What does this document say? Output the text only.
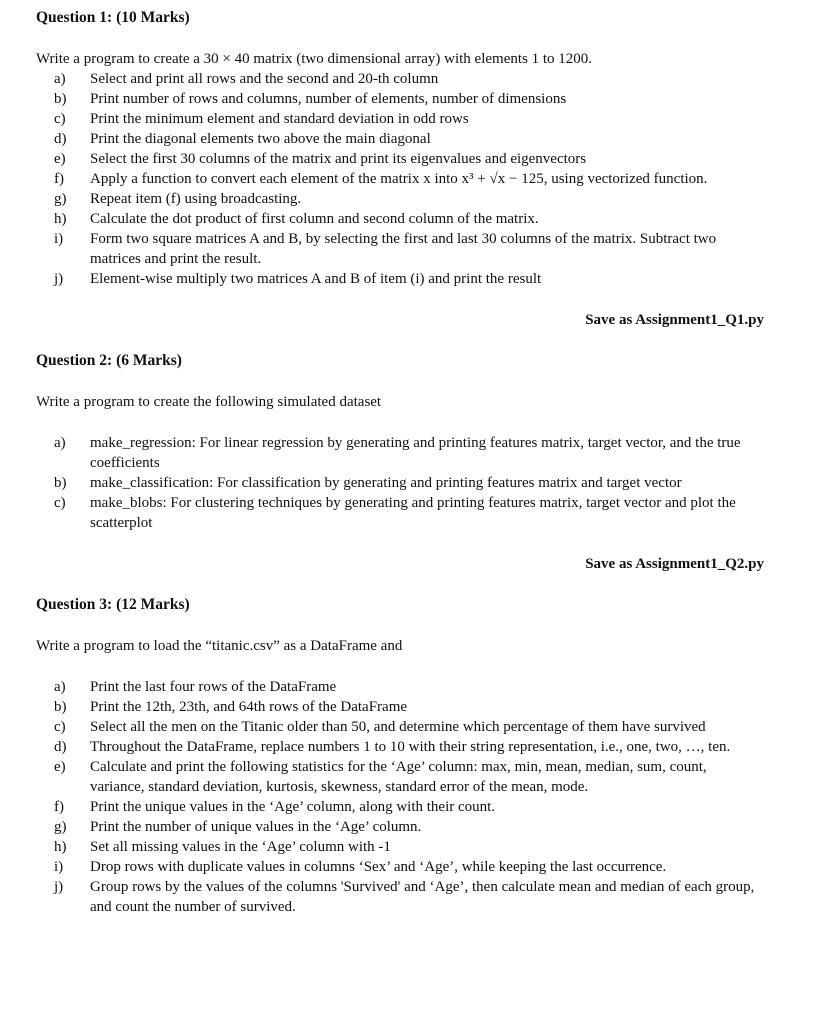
Question 1: (10 Marks)

Write a program to create a 30 × 40 matrix (two dimensional array) with elements 1 to 1200.

a)	Select and print all rows and the second and 20-th column
b)	Print number of rows and columns, number of elements, number of dimensions
c)	Print the minimum element and standard deviation in odd rows
d)	Print the diagonal elements two above the main diagonal
e)	Select the first 30 columns of the matrix and print its eigenvalues and eigenvectors
f)	Apply a function to convert each element of the matrix x into x³ + √x − 125, using vectorized function.
g)	Repeat item (f) using broadcasting.
h)	Calculate the dot product of first column and second column of the matrix.
i)	Form two square matrices A and B, by selecting the first and last 30 columns of the matrix. Subtract two matrices and print the result.
j)	Element-wise multiply two matrices A and B of item (i) and print the result

Save as Assignment1_Q1.py

Question 2: (6 Marks)

Write a program to create the following simulated dataset

a)	make_regression: For linear regression by generating and printing features matrix, target vector, and the true coefficients
b)	make_classification: For classification by generating and printing features matrix and target vector
c)	make_blobs: For clustering techniques by generating and printing features matrix, target vector and plot the scatterplot

Save as Assignment1_Q2.py

Question 3: (12 Marks)

Write a program to load the “titanic.csv” as a DataFrame and

a)	Print the last four rows of the DataFrame
b)	Print the 12th, 23th, and 64th rows of the DataFrame
c)	Select all the men on the Titanic older than 50, and determine which percentage of them have survived
d)	Throughout the DataFrame, replace numbers 1 to 10 with their string representation, i.e., one, two, …, ten.
e)	Calculate and print the following statistics for the ‘Age’ column: max, min, mean, median, sum, count, variance, standard deviation, kurtosis, skewness, standard error of the mean, mode.
f)	Print the unique values in the ‘Age’ column, along with their count.
g)	Print the number of unique values in the ‘Age’ column.
h)	Set all missing values in the ‘Age’ column with -1
i)	Drop rows with duplicate values in columns ‘Sex’ and ‘Age’, while keeping the last occurrence.
j)	Group rows by the values of the columns 'Survived' and ‘Age’, then calculate mean and median of each group, and count the number of survived.
